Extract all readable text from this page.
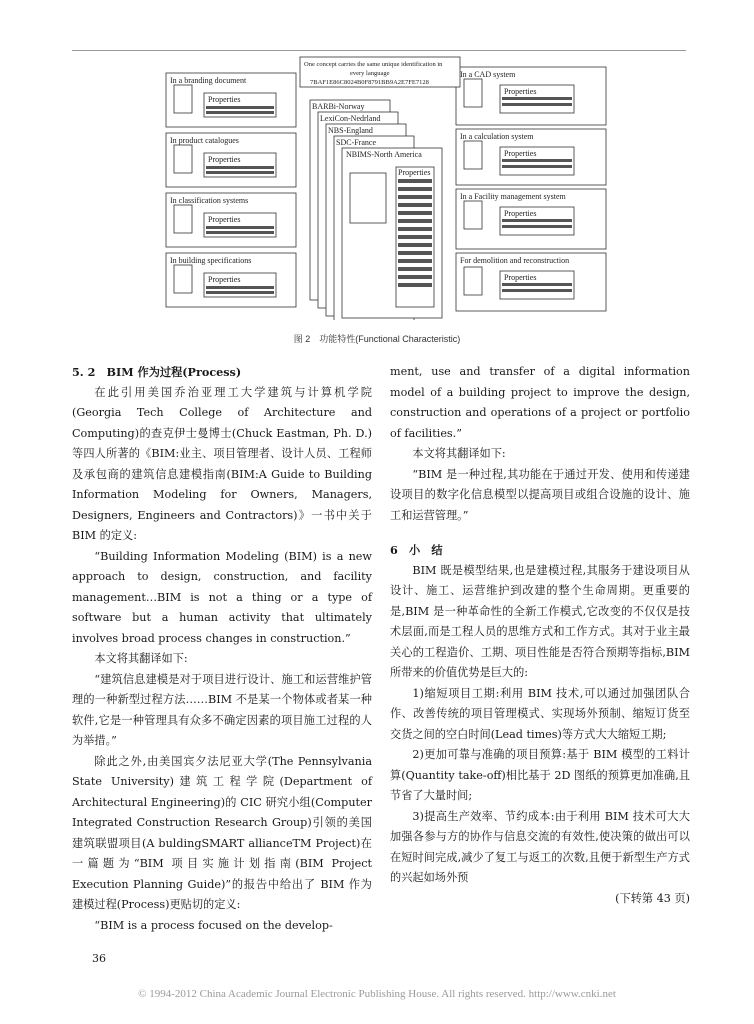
In a branding document
In product catalogues
In classification systems
In building specifications
In a CAD system
In a calculation system
In a Facility management system
For demolition and reconstruction
One concept carries the same unique identification in
every language
7BAF1E86C8024B0F8791BB9A2E7FE7128
BARBi-Norway
LexiCon-Nedrland
NBS-England
SDC-France
NBIMS-North America
Properties
Properties
Properties
Properties
Properties
Properties
Properties
Properties
Properties
图 2　功能特性(Functional Characteristic)
5. 2　BIM 作为过程(Process)

在此引用美国乔治亚理工大学建筑与计算机学院(Georgia Tech College of Architecture and Computing)的查克伊士曼博士(Chuck Eastman, Ph. D.)等四人所著的《BIM:业主、项目管理者、设计人员、工程师及承包商的建筑信息建模指南(BIM:A Guide to Building Information Modeling for Owners, Managers, Designers, Engineers and Contractors)》一书中关于 BIM 的定义:

“Building Information Modeling (BIM) is a new approach to design, construction, and facility management…BIM is not a thing or a type of software but a human activity that ultimately involves broad process changes in construction.”

本文将其翻译如下:

“建筑信息建模是对于项目进行设计、施工和运营维护管理的一种新型过程方法……BIM 不是某一个物体或者某一种软件,它是一种管理具有众多不确定因素的项目施工过程的人为举措。”

除此之外,由美国宾夕法尼亚大学(The Pennsylvania State University)建筑工程学院(Department of Architectural Engineering)的 CIC 研究小组(Computer Integrated Construction Research Group)引领的美国建筑联盟项目(A buldingSMART allianceTM Project)在一篇题为“BIM 项目实施计划指南(BIM Project Execution Planning Guide)”的报告中给出了 BIM 作为建模过程(Process)更贴切的定义:

“BIM is a process focused on the develop-

ment, use and transfer of a digital information model of a building project to improve the design, construction and operations of a project or portfolio of facilities.”

本文将其翻译如下:

“BIM 是一种过程,其功能在于通过开发、使用和传递建设项目的数字化信息模型以提高项目或组合设施的设计、施工和运营管理。”

6　小　结

BIM 既是模型结果,也是建模过程,其服务于建设项目从设计、施工、运营维护到改建的整个生命周期。更重要的是,BIM 是一种革命性的全新工作模式,它改变的不仅仅是技术层面,而是工程人员的思维方式和工作方式。其对于业主最关心的工程造价、工期、项目性能是否符合预期等指标,BIM 所带来的价值优势是巨大的:

1)缩短项目工期:利用 BIM 技术,可以通过加强团队合作、改善传统的项目管理模式、实现场外预制、缩短订货至交货之间的空白时间(Lead times)等方式大大缩短工期;

2)更加可靠与准确的项目预算:基于 BIM 模型的工料计算(Quantity take-off)相比基于 2D 图纸的预算更加准确,且节省了大量时间;

3)提高生产效率、节约成本:由于利用 BIM 技术可大大加强各参与方的协作与信息交流的有效性,使决策的做出可以在短时间完成,减少了复工与返工的次数,且便于新型生产方式的兴起如场外预

(下转第 43 页)

36
© 1994-2012 China Academic Journal Electronic Publishing House. All rights reserved. http://www.cnki.net
